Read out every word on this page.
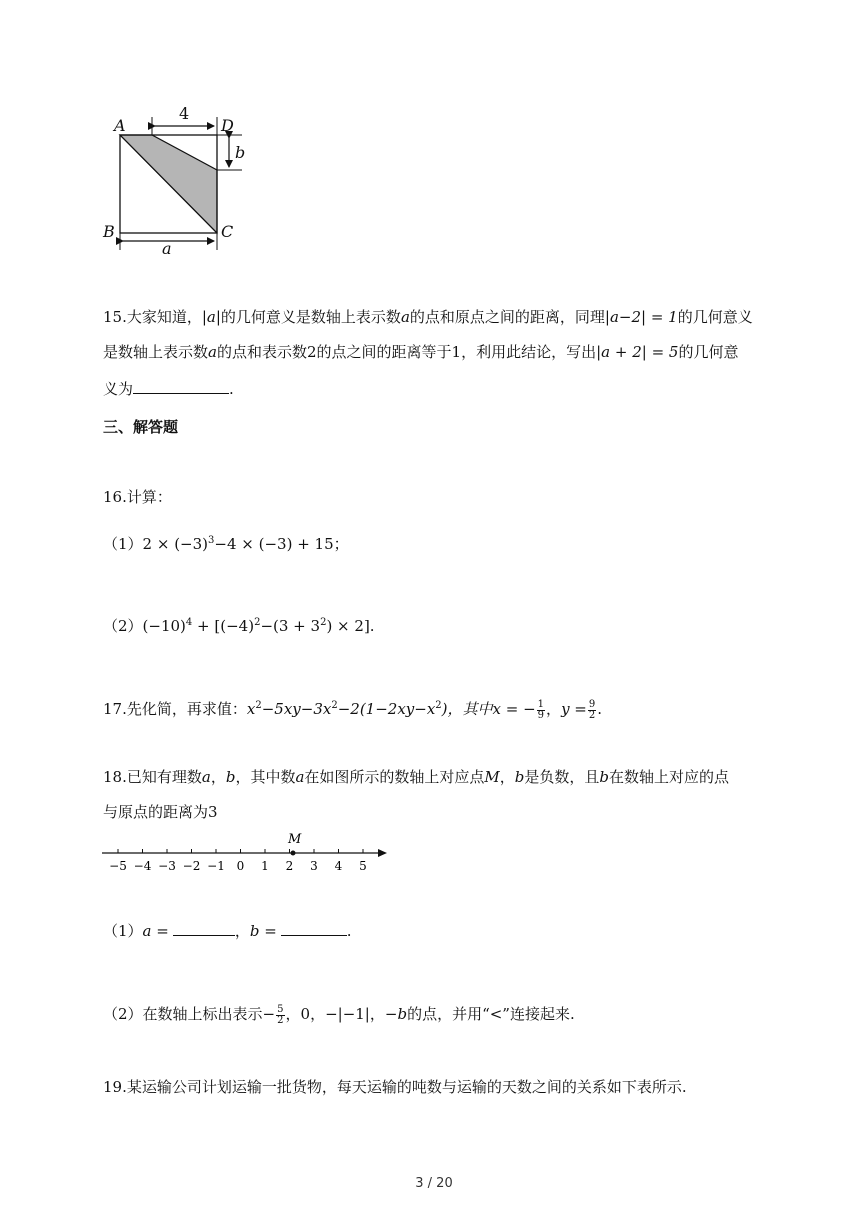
A	D
B	C
4
b
a
15.大家知道，|a|的几何意义是数轴上表示数a的点和原点之间的距离，同理|a−2| = 1的几何意义
是数轴上表示数a的点和表示数2的点之间的距离等于1，利用此结论，写出|a + 2| = 5的几何意
义为	.
三、解答题
16.计算：
$(1)2 \times (-3)^3-4 \times (-3) + 15$；
$(2)(-10)^4 + [(-4)^2-(3 + 3^2) \times 2]$.
17.先化简，再求值：$x^2-5xy-3x^2-2(1-2xy-x^2)$，其中x = − $\frac{1}{9}$ ，$y = \frac{9}{2}$ .
18.已知有理数a，b，其中数a在如图所示的数轴上对应点M，b是负数，且b在数轴上对应的点
与原点的距离为3
−5 −4 −3 −2 −1 0 1 2 3 4 5
M
（1）a =	，b =	.
（2）在数轴上标出表示− $\frac{5}{2}$ ，0，−|−1|，−b的点，并用“<”连接起来.
19.某运输公司计划运输一批货物，每天运输的吨数与运输的天数之间的关系如下表所示.
3 / 20
